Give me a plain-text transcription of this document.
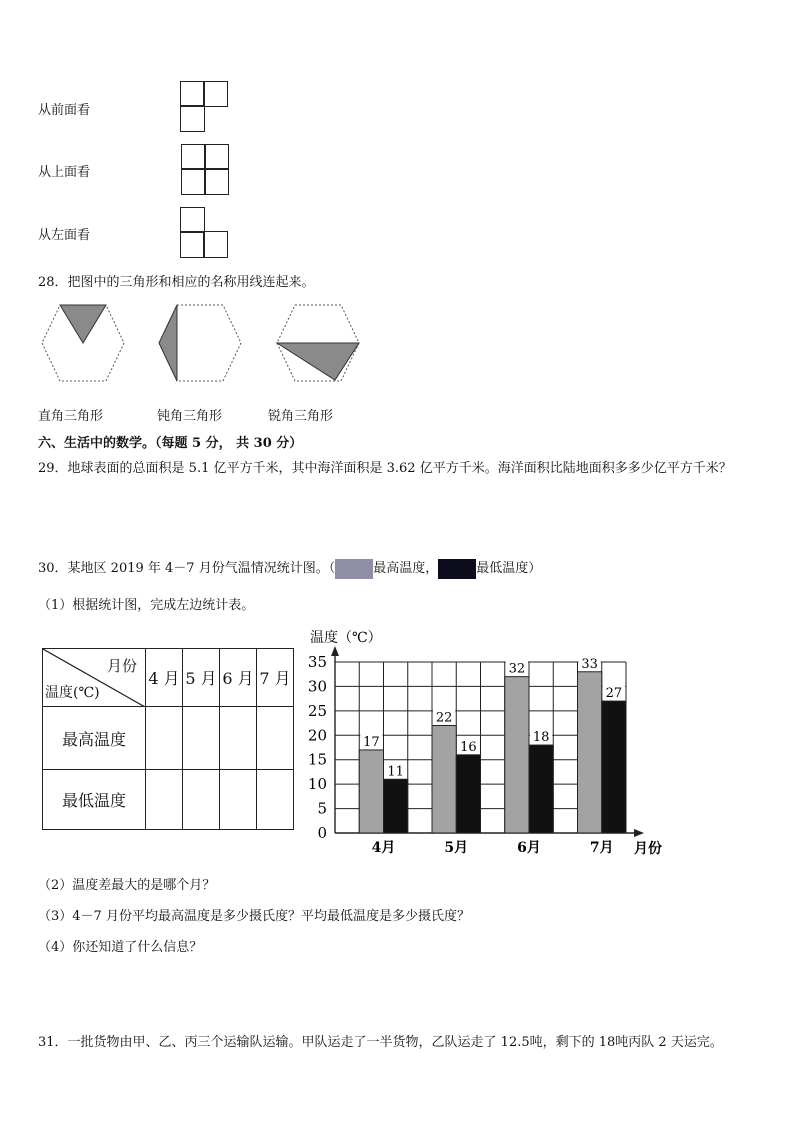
从前面看
从上面看
从左面看
28．把图中的三角形和相应的名称用线连起来。
直角三角形	钝角三角形	锐角三角形
六、生活中的数学。（每题 5 分， 共 30 分）
29．地球表面的总面积是 5.1 亿平方千米，其中海洋面积是 3.62 亿平方千米。海洋面积比陆地面积多多少亿平方千米？
30．某地区 2019 年 4－7 月份气温情况统计图。（	最高温度，	最低温度）
（1）根据统计图，完成左边统计表。
月份
温度(℃)	4 月	5 月	6 月	7 月
最高温度				
最低温度				
0
5
10
15
20
25
30
35
温度（℃）
月份
17
11
4月
22
16
5月
32
18
6月
33
27
7月
（2）温度差最大的是哪个月？
（3）4－7 月份平均最高温度是多少摄氏度？平均最低温度是多少摄氏度？
（4）你还知道了什么信息？
31．一批货物由甲、乙、丙三个运输队运输。甲队运走了一半货物，乙队运走了 12.5吨，剩下的 18吨丙队 2 天运完。
